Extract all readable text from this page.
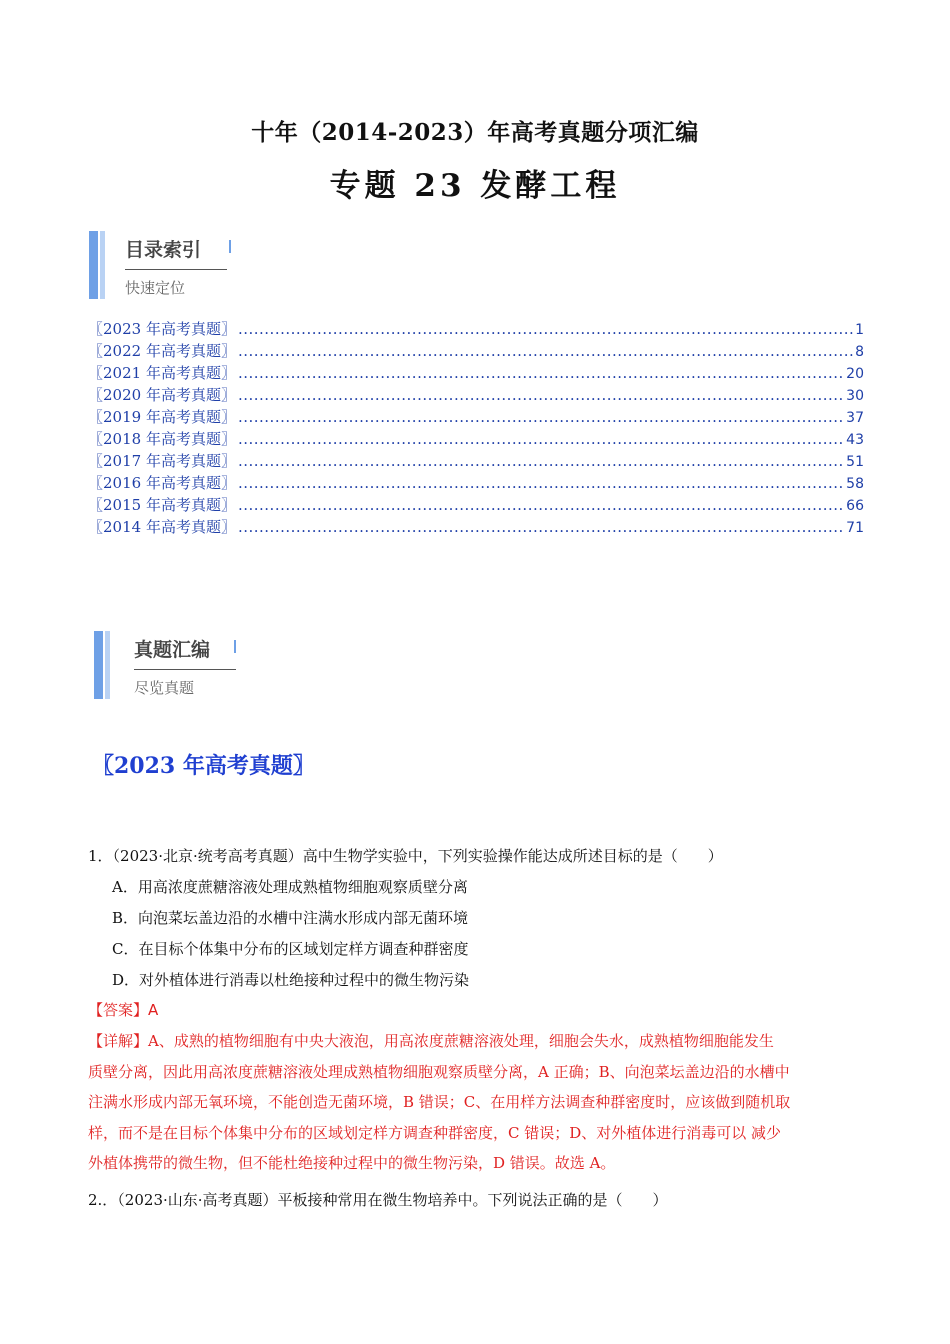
十年（2014-2023）年高考真题分项汇编
专题 23 发酵工程
目录索引
快速定位
〖2023 年高考真题〗 .....	1
〖2022 年高考真题〗 .....	8
〖2021 年高考真题〗 .....	20
〖2020 年高考真题〗 .....	30
〖2019 年高考真题〗 .....	37
〖2018 年高考真题〗 .....	43
〖2017 年高考真题〗 .....	51
〖2016 年高考真题〗 .....	58
〖2015 年高考真题〗 .....	66
〖2014 年高考真题〗 .....	71
真题汇编
尽览真题
〖2023 年高考真题〗
1．（2023·北京·统考高考真题）高中生物学实验中，下列实验操作能达成所述目标的是（　　）
A．用高浓度蔗糖溶液处理成熟植物细胞观察质壁分离
B．向泡菜坛盖边沿的水槽中注满水形成内部无菌环境
C．在目标个体集中分布的区域划定样方调查种群密度
D．对外植体进行消毒以杜绝接种过程中的微生物污染
【答案】A
【详解】A、成熟的植物细胞有中央大液泡，用高浓度蔗糖溶液处理，细胞会失水，成熟植物细胞能发生
质壁分离，因此用高浓度蔗糖溶液处理成熟植物细胞观察质壁分离，A 正确；B、向泡菜坛盖边沿的水槽中
注满水形成内部无氧环境，不能创造无菌环境，B 错误；C、在用样方法调查种群密度时，应该做到随机取
样，而不是在目标个体集中分布的区域划定样方调查种群密度，C 错误；D、对外植体进行消毒可以 减少
外植体携带的微生物，但不能杜绝接种过程中的微生物污染，D 错误。故选 A。
2.．（2023·山东·高考真题）平板接种常用在微生物培养中。下列说法正确的是（　　）
